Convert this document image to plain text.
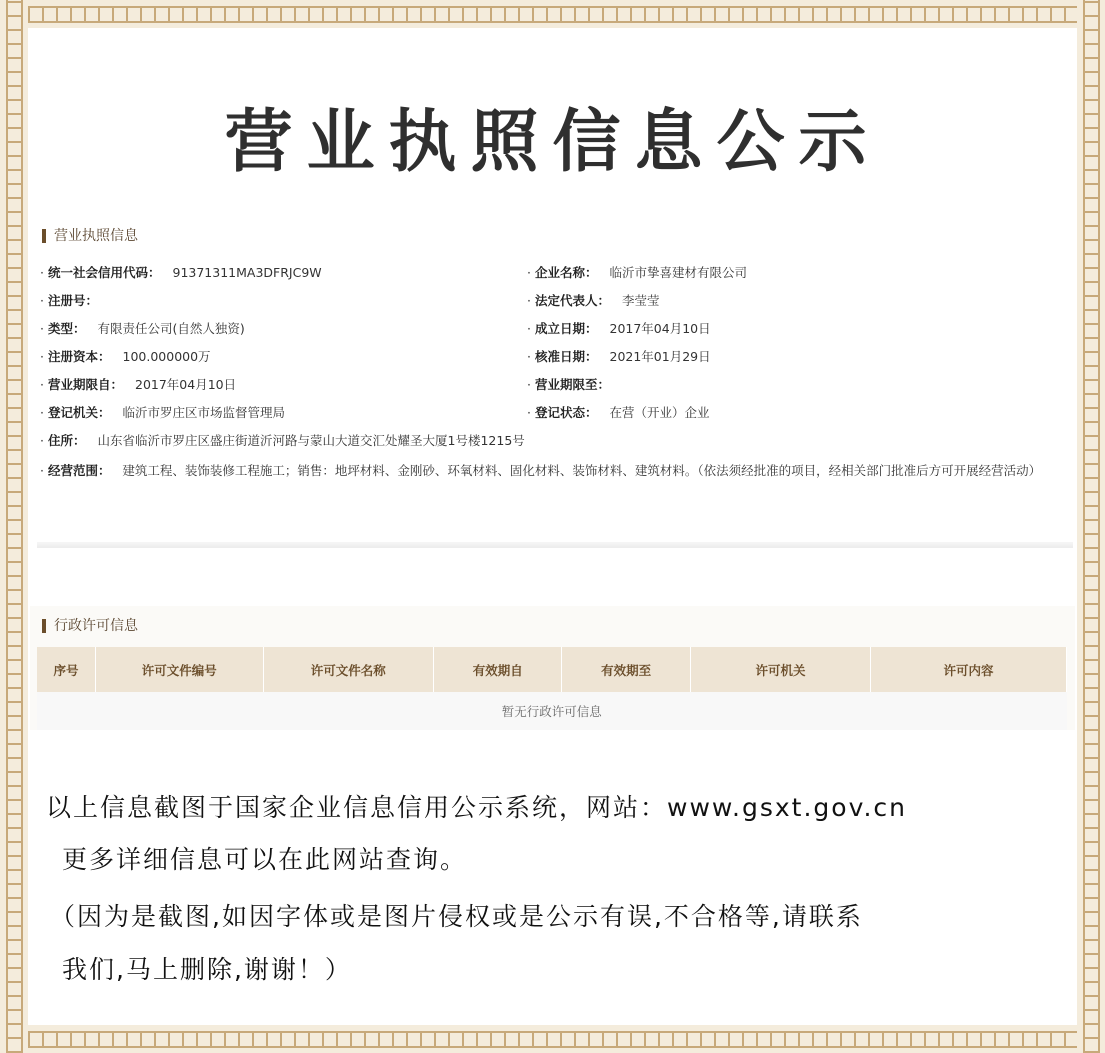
营业执照信息公示
营业执照信息
· 统一社会信用代码： 91371311MA3DFRJC9W
· 注册号：
· 类型： 有限责任公司(自然人独资)
· 注册资本： 100.000000万
· 营业期限自： 2017年04月10日
· 登记机关： 临沂市罗庄区市场监督管理局
· 住所： 山东省临沂市罗庄区盛庄街道沂河路与蒙山大道交汇处耀圣大厦1号楼1215号
· 企业名称： 临沂市挚喜建材有限公司
· 法定代表人： 李莹莹
· 成立日期： 2017年04月10日
· 核准日期： 2021年01月29日
· 营业期限至：
· 登记状态： 在营（开业）企业
· 经营范围： 建筑工程、装饰装修工程施工；销售：地坪材料、金刚砂、环氧材料、固化材料、装饰材料、建筑材料。（依法须经批准的项目，经相关部门批准后方可开展经营活动）
行政许可信息
序号	许可文件编号	许可文件名称	有效期自	有效期至	许可机关	许可内容
暂无行政许可信息
以上信息截图于国家企业信息信用公示系统，网站：www.gsxt.gov.cn
更多详细信息可以在此网站查询。
（因为是截图,如因字体或是图片侵权或是公示有误,不合格等,请联系
我们,马上删除,谢谢！）
